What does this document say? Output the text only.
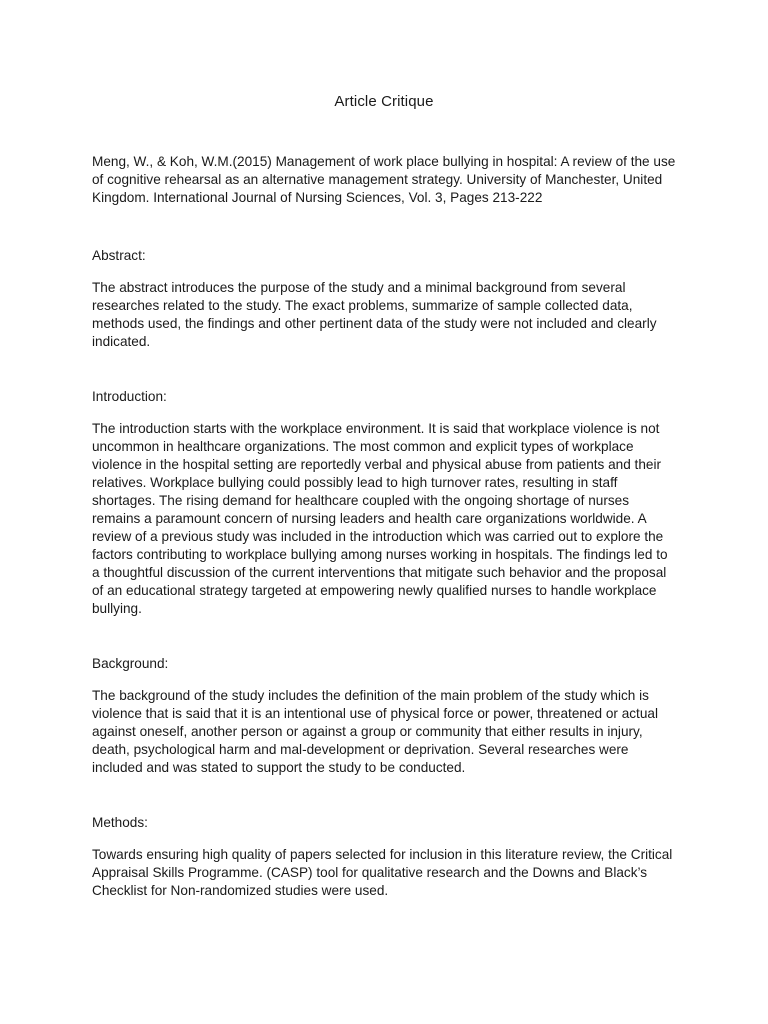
Article Critique

Meng, W., & Koh, W.M.(2015) Management of work place bullying in hospital: A review of the use of cognitive rehearsal as an alternative management strategy. University of Manchester, United Kingdom. International Journal of Nursing Sciences, Vol. 3, Pages 213-222

Abstract:

The abstract introduces the purpose of the study and a minimal background from several researches related to the study. The exact problems, summarize of sample collected data, methods used, the findings and other pertinent data of the study were not included and clearly indicated.

Introduction:

The introduction starts with the workplace environment. It is said that workplace violence is not uncommon in healthcare organizations. The most common and explicit types of workplace violence in the hospital setting are reportedly verbal and physical abuse from patients and their relatives. Workplace bullying could possibly lead to high turnover rates, resulting in staff shortages. The rising demand for healthcare coupled with the ongoing shortage of nurses remains a paramount concern of nursing leaders and health care organizations worldwide. A review of a previous study was included in the introduction which was carried out to explore the factors contributing to workplace bullying among nurses working in hospitals. The findings led to a thoughtful discussion of the current interventions that mitigate such behavior and the proposal of an educational strategy targeted at empowering newly qualified nurses to handle workplace bullying.

Background:

The background of the study includes the definition of the main problem of the study which is violence that is said that it is an intentional use of physical force or power, threatened or actual against oneself, another person or against a group or community that either results in injury, death, psychological harm and mal-development or deprivation. Several researches were included and was stated to support the study to be conducted.

Methods:

Towards ensuring high quality of papers selected for inclusion in this literature review, the Critical Appraisal Skills Programme. (CASP) tool for qualitative research and the Downs and Black’s Checklist for Non-randomized studies were used.
